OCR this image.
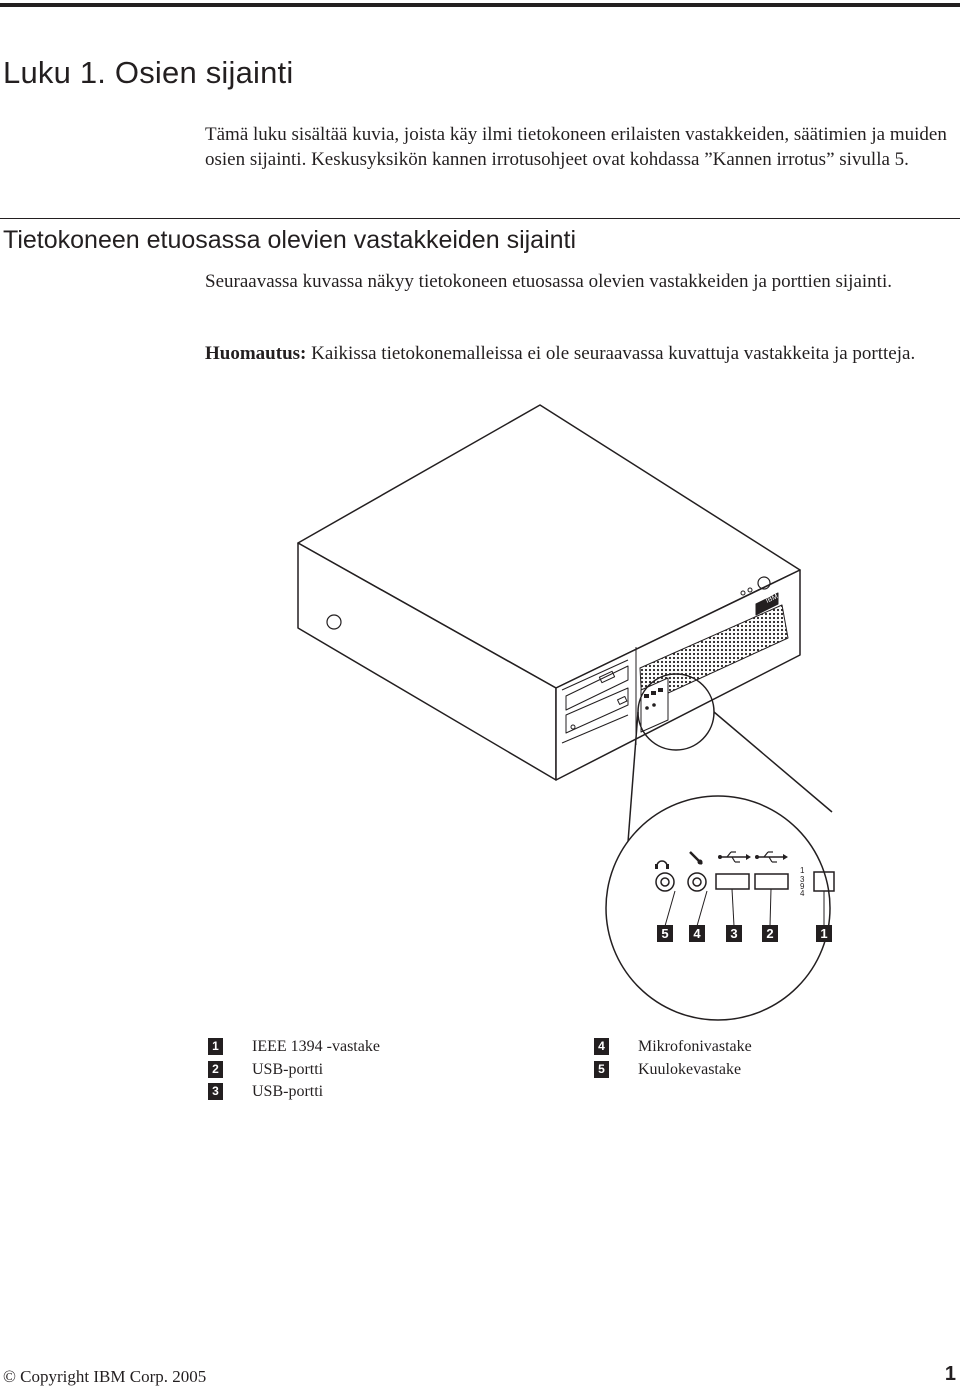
Luku 1. Osien sijainti

Tämä luku sisältää kuvia, joista käy ilmi tietokoneen erilaisten vastakkeiden, säätimien ja muiden osien sijainti. Keskusyksikön kannen irrotusohjeet ovat kohdassa ”Kannen irrotus” sivulla 5.

Tietokoneen etuosassa olevien vastakkeiden sijainti

Seuraavassa kuvassa näkyy tietokoneen etuosassa olevien vastakkeiden ja porttien sijainti.

Huomautus: Kaikissa tietokonemalleissa ei ole seuraavassa kuvattuja vastakkeita ja portteja.

IBM
1
3
9
4
5 4 3 2	1
1 IEEE 1394 -vastake
2 USB-portti
3 USB-portti
4 Mikrofonivastake
5 Kuulokevastake
© Copyright IBM Corp. 2005	1
